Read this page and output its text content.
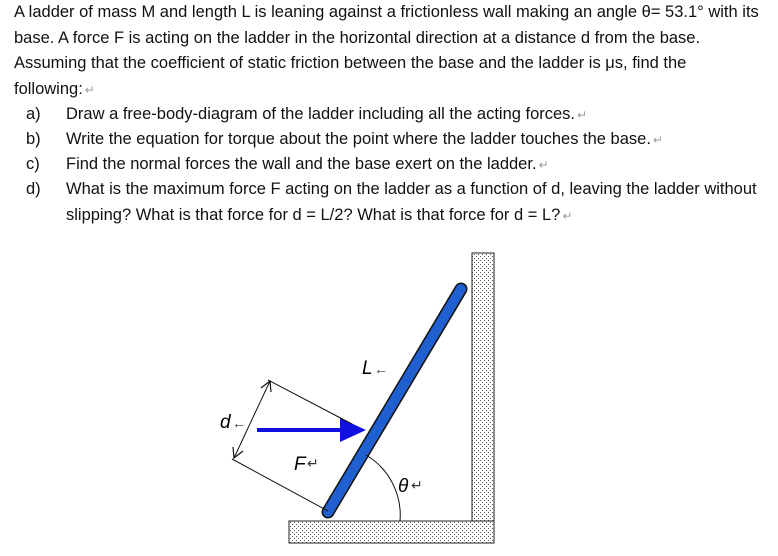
A ladder of mass M and length L is leaning against a frictionless wall making an angle θ= 53.1° with its base. A force F is acting on the ladder in the horizontal direction at a distance d from the base. Assuming that the coefficient of static friction between the base and the ladder is μs, find the following: ↵
a) Draw a free-body-diagram of the ladder including all the acting forces. ↵
b) Write the equation for torque about the point where the ladder touches the base. ↵
c) Find the normal forces the wall and the base exert on the ladder. ↵
d) What is the maximum force F acting on the ladder as a function of d, leaving the ladder without slipping? What is that force for d = L/2? What is that force for d = L? ↵
L ←
d ←
F ↵
θ ↵
